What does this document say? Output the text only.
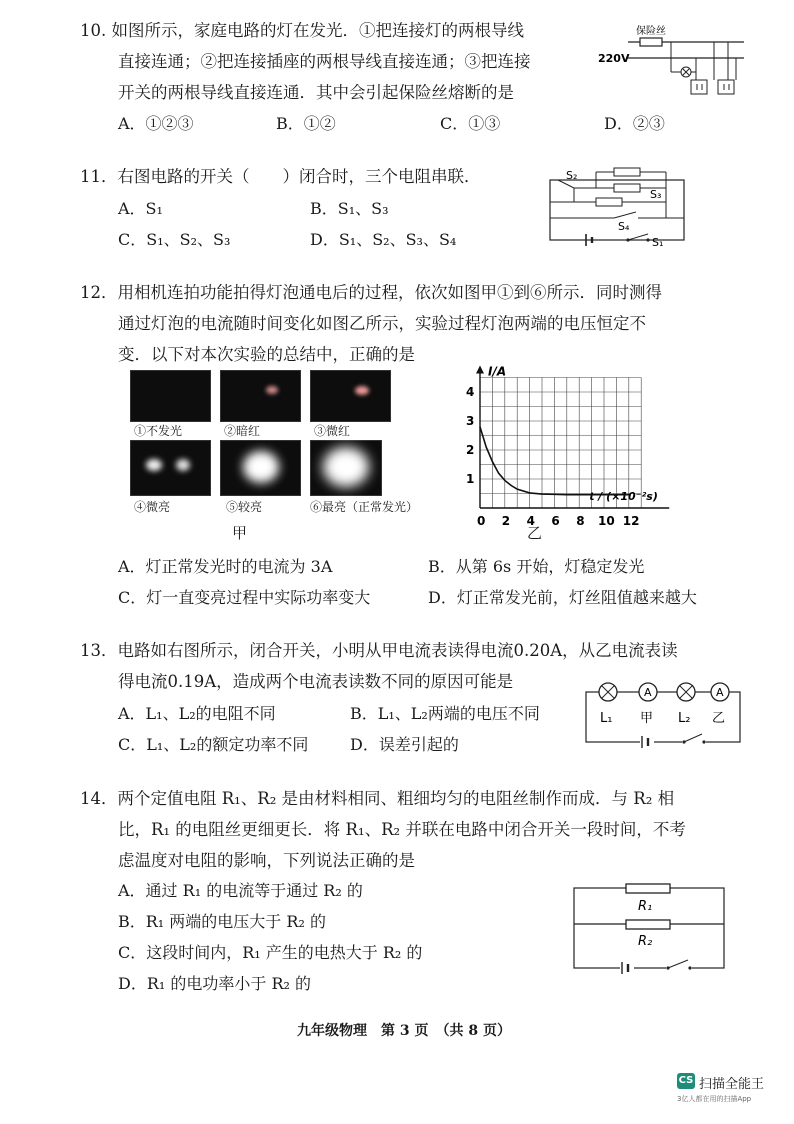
10. 如图所示，家庭电路的灯在发光．①把连接灯的两根导线
直接连通；②把连接插座的两根导线直接连通；③把连接
开关的两根导线直接连通．其中会引起保险丝熔断的是
A．①②③	B．①②	C．①③	D．②③
保险丝
220V
11．右图电路的开关（　　）闭合时，三个电阻串联．
A．S₁	B．S₁、S₃
C．S₁、S₂、S₃	D．S₁、S₂、S₃、S₄
S₂
S₃
S₄
S₁
12．用相机连拍功能拍得灯泡通电后的过程，依次如图甲①到⑥所示．同时测得
通过灯泡的电流随时间变化如图乙所示，实验过程灯泡两端的电压恒定不
变．以下对本次实验的总结中，正确的是
①不发光	②暗红	③微红
④微亮	⑤较亮	⑥最亮（正常发光）
甲
0 2 4 6 8 10 12
1
2
3
4
I/A
t / (×10⁻²s)
乙
A．灯正常发光时的电流为 3A	B．从第 6s 开始，灯稳定发光
C．灯一直变亮过程中实际功率变大	D．灯正常发光前，灯丝阻值越来越大
13．电路如右图所示，闭合开关，小明从甲电流表读得电流0.20A，从乙电流表读
得电流0.19A，造成两个电流表读数不同的原因可能是
A．L₁、L₂的电阻不同	B．L₁、L₂两端的电压不同
C．L₁、L₂的额定功率不同	D．误差引起的
A	A
L₁ 甲 L₂ 乙
14．两个定值电阻 R₁、R₂ 是由材料相同、粗细均匀的电阻丝制作而成．与 R₂ 相
比，R₁ 的电阻丝更细更长．将 R₁、R₂ 并联在电路中闭合开关一段时间，不考
虑温度对电阻的影响，下列说法正确的是
A．通过 R₁ 的电流等于通过 R₂ 的
B．R₁ 两端的电压大于 R₂ 的
C．这段时间内，R₁ 产生的电热大于 R₂ 的
D．R₁ 的电功率小于 R₂ 的
R₁
R₂
九年级物理　第 3 页　（共 8 页）
CS 扫描全能王
3亿人都在用的扫描App
